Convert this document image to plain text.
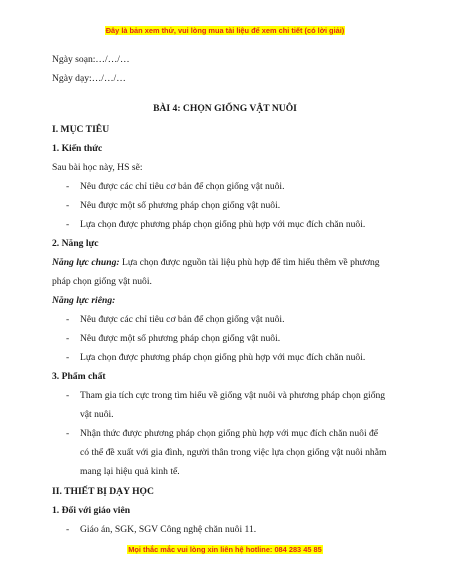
Đây là bản xem thử, vui lòng mua tài liệu để xem chi tiết (có lời giải)
Ngày soạn:…/…/…
Ngày dạy:…/…/…
BÀI 4: CHỌN GIỐNG VẬT NUÔI
I. MỤC TIÊU
1. Kiến thức
Sau bài học này, HS sẽ:
- Nêu được các chỉ tiêu cơ bản để chọn giống vật nuôi.
- Nêu được một số phương pháp chọn giống vật nuôi.
- Lựa chọn được phương pháp chọn giống phù hợp với mục đích chăn nuôi.
2. Năng lực
Năng lực chung: Lựa chọn được nguồn tài liệu phù hợp để tìm hiểu thêm về phương
pháp chọn giống vật nuôi.
Năng lực riêng:
- Nêu được các chỉ tiêu cơ bản để chọn giống vật nuôi.
- Nêu được một số phương pháp chọn giống vật nuôi.
- Lựa chọn được phương pháp chọn giống phù hợp với mục đích chăn nuôi.
3. Phẩm chất
- Tham gia tích cực trong tìm hiểu về giống vật nuôi và phương pháp chọn giống
vật nuôi.
- Nhận thức được phương pháp chọn giống phù hợp với mục đích chăn nuôi để
có thể đề xuất với gia đình, người thân trong việc lựa chọn giống vật nuôi nhằm
mang lại hiệu quả kinh tế.
II. THIẾT BỊ DẠY HỌC
1. Đối với giáo viên
- Giáo án, SGK, SGV Công nghệ chăn nuôi 11.
Mọi thắc mắc vui lòng xin liên hệ hotline: 084 283 45 85
